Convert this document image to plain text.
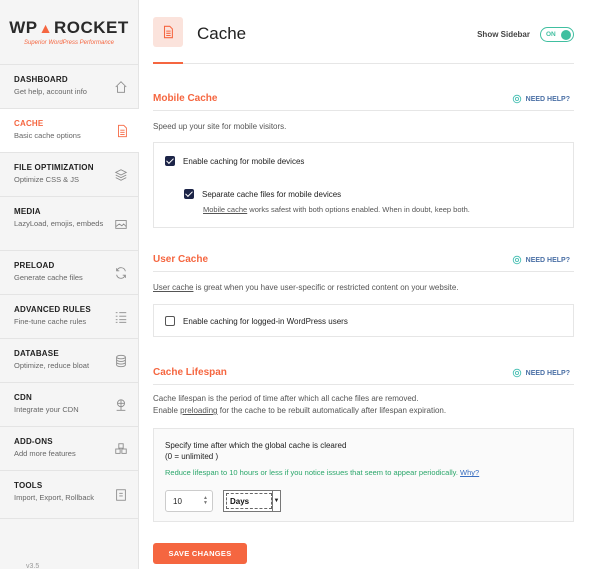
WP ▲ ROCKET
Superior WordPress Performance
DASHBOARD
Get help, account info
CACHE
Basic cache options
FILE OPTIMIZATION
Optimize CSS & JS
MEDIA
LazyLoad, emojis, embeds
PRELOAD
Generate cache files
ADVANCED RULES
Fine-tune cache rules
DATABASE
Optimize, reduce bloat
CDN
Integrate your CDN
ADD-ONS
Add more features
TOOLS
Import, Export, Rollback
v3.5
Cache	Show Sidebar ON
Mobile Cache	NEED HELP?
Speed up your site for mobile visitors.
Enable caching for mobile devices
Separate cache files for mobile devices
Mobile cache works safest with both options enabled. When in doubt, keep both.
User Cache	NEED HELP?
User cache is great when you have user-specific or restricted content on your website.
Enable caching for logged-in WordPress users
Cache Lifespan	NEED HELP?
Cache lifespan is the period of time after which all cache files are removed.
Enable preloading for the cache to be rebuilt automatically after lifespan expiration.
Specify time after which the global cache is cleared
(0 = unlimited )
Reduce lifespan to 10 hours or less if you notice issues that seem to appear periodically. Why?
10	▲
▼	Days	▼
SAVE CHANGES
